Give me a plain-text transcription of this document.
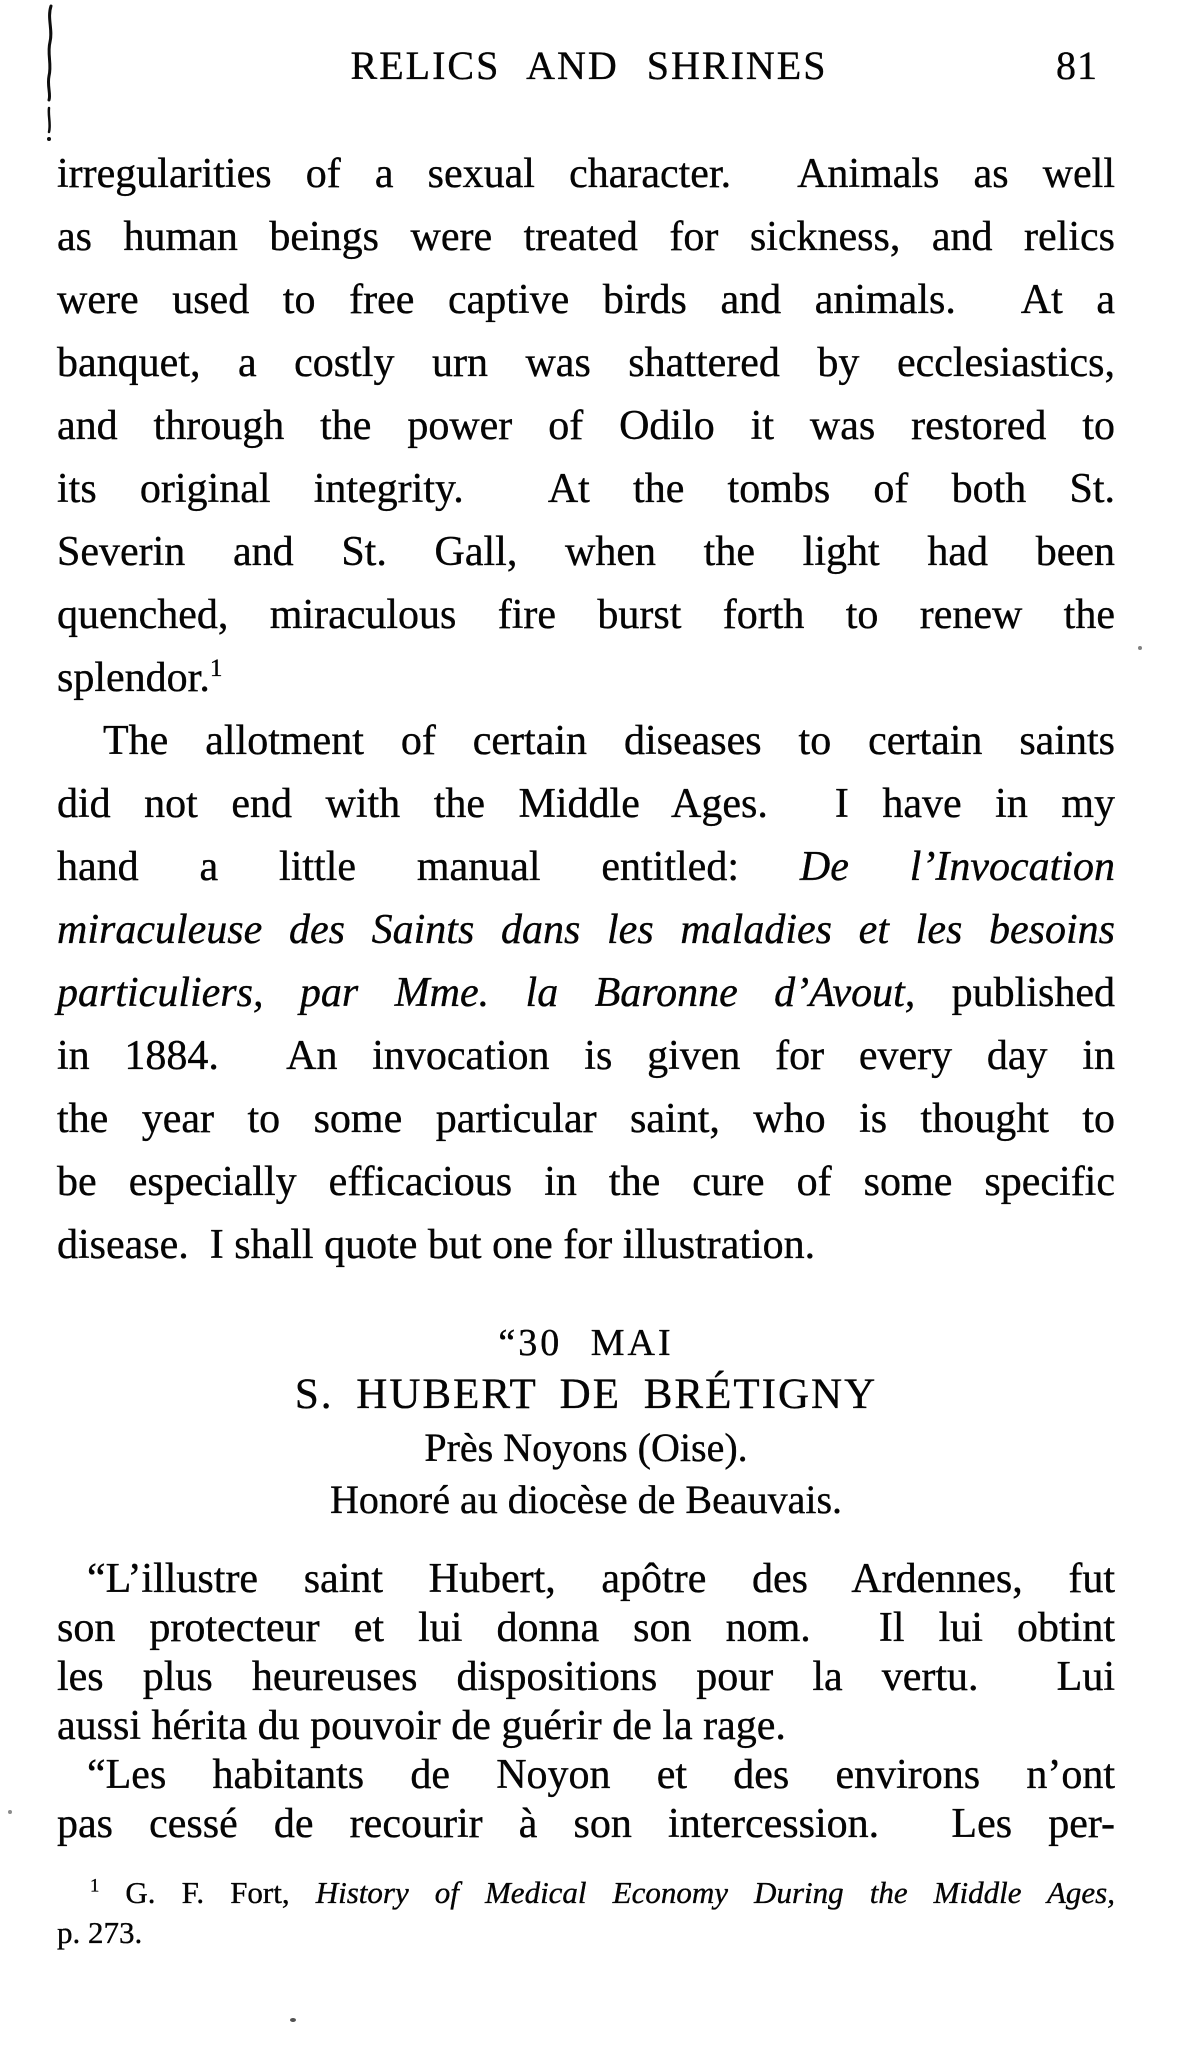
RELICS AND SHRINES	81
irregularities of a sexual character.  Animals as well
as human beings were treated for sickness, and relics
were used to free captive birds and animals.  At a
banquet, a costly urn was shattered by ecclesiastics,
and through the power of Odilo it was restored to
its original integrity.  At the tombs of both St.
Severin and St. Gall, when the light had been
quenched, miraculous fire burst forth to renew the
splendor.$^1$
The allotment of certain diseases to certain saints
did not end with the Middle Ages.  I have in my
hand a little manual entitled: De l’Invocation
miraculeuse des Saints dans les maladies et les besoins
particuliers, par Mme. la Baronne d’Avout, published
in 1884.  An invocation is given for every day in
the year to some particular saint, who is thought to
be especially efficacious in the cure of some specific
disease.  I shall quote but one for illustration.
“30 MAI
S. HUBERT DE BRÉTIGNY
Près Noyons (Oise).
Honoré au diocèse de Beauvais.
“L’illustre saint Hubert, apôtre des Ardennes, fut
son protecteur et lui donna son nom.  Il lui obtint
les plus heureuses dispositions pour la vertu.  Lui
aussi hérita du pouvoir de guérir de la rage.
“Les habitants de Noyon et des environs n’ont
pas cessé de recourir à son intercession.  Les per-
$^1$ G. F. Fort, History of Medical Economy During the Middle Ages,
p. 273.
